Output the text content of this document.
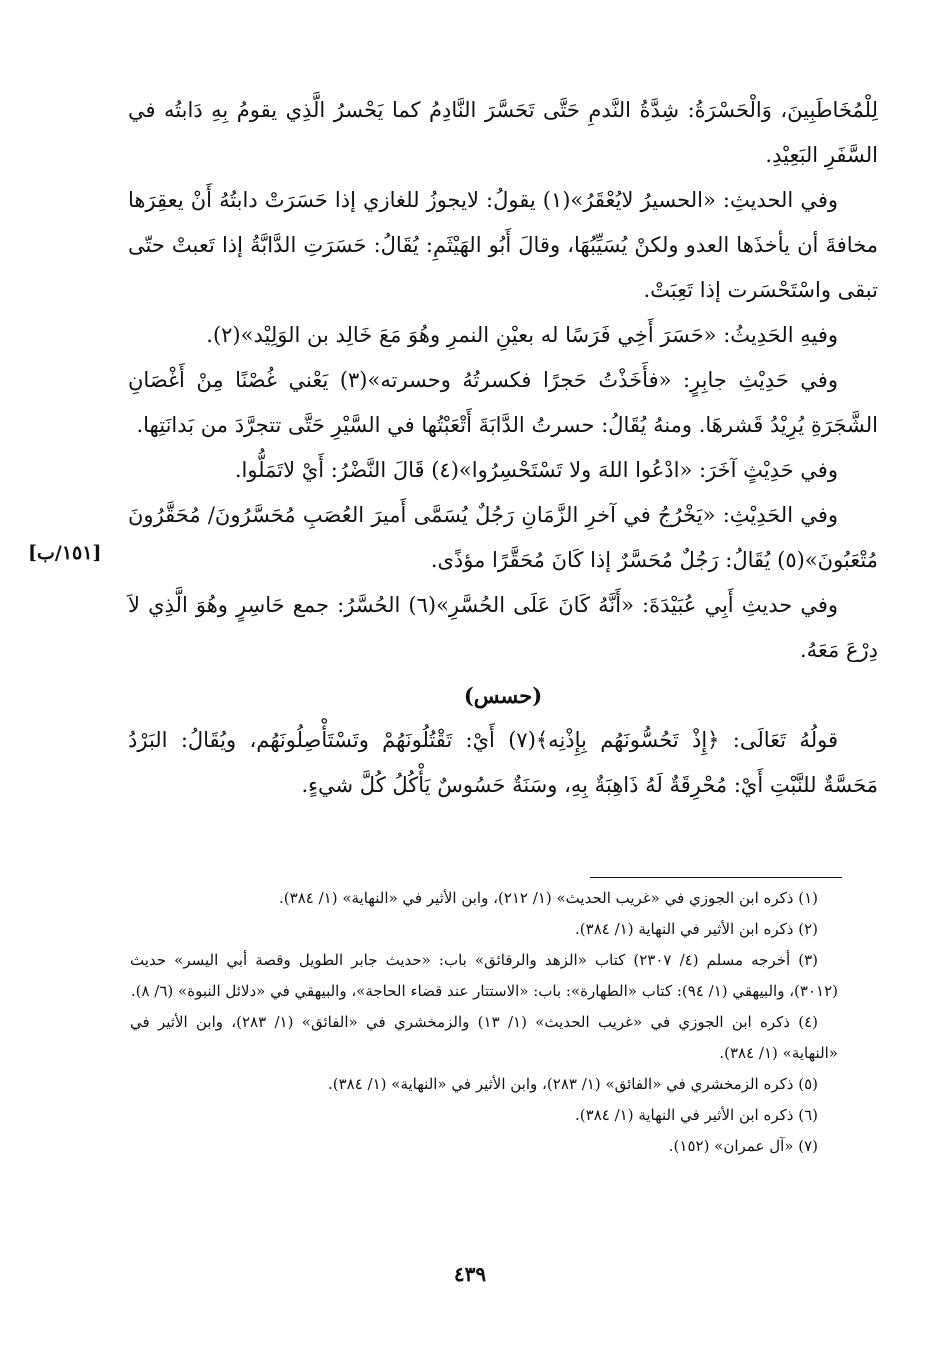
لِلْمُخَاطَبِينَ، وَالْحَسْرَةُ: شِدَّةُ النَّدمِ حَتَّى تَحَسَّرَ النَّادِمُ كما يَحْسرُ الَّذِي يقومُ بِهِ دَابتُه في السَّفَرِ البَعِيْدِ.

وفي الحديثِ: «الحسيرُ لايُعْقَرُ»(١) يقولُ: لايجوزُ للغازي إذا حَسَرَتْ دابتُهُ أَنْ يعقِرَها مخافةَ أن يأخذَها العدو ولكنْ يُسَيِّبُهَا، وقالَ أَبُو الهَيْثَمِ: يُقَالُ: حَسَرَتِ الدَّابَّةُ إذا تَعبتْ حتّى تبقى واسْتَحْسَرت إذا تَعِبَتْ.

وفيهِ الحَدِيثُ: «حَسَرَ أَخِي فَرَسًا له بعيْنِ النمرِ وهُوَ مَعَ خَالِد بن الوَلِيْد»(٢).

وفي حَدِيْثِ جابِرٍ: «فأَخَذْتُ حَجرًا فكسرتُهُ وحسرته»(٣) يَعْني غُصْنًا مِنْ أَغْصَانِ الشَّجَرَةِ يُرِيْدُ قَشرهَا. ومنهُ يُقَالُ: حسرتُ الدَّابَةَ أَتْعَبْتُها في السَّيْرِ حَتَّى تتجرَّدَ من بَدانَتِها.

وفي حَدِيْثٍ آخَرَ: «ادْعُوا اللهَ ولا تَسْتَحْسِرُوا»(٤) قَالَ النَّضْرُ: أَيْ لاتَمَلُّوا.

وفي الحَدِيْثِ: «يَخْرُجُ في آخرِ الزَّمَانِ رَجُلٌ يُسَمَّى أَميرَ العُصَبِ مُحَسَّرُونَ/ مُحَقَّرُونَ مُتْعَبُونَ»(٥) يُقَالُ: رَجُلٌ مُحَسَّرٌ إذا كَانَ مُحَقَّرًا مؤذًى.

وفي حديثِ أَبِي عُبَيْدَةَ: «أَنَّهُ كَانَ عَلَى الحُسَّرِ»(٦) الحُسَّرُ: جمع حَاسِرٍ وهُوَ الَّذِي لاَ دِرْعَ مَعَهُ.

(حسس)

قولُهُ تَعَالَى: ﴿إِذْ تَحُسُّونَهُم بِإِذْنِه﴾(٧) أَيْ: تَقْتُلُونَهُمْ وتَسْتَأْصِلُونَهُم، ويُقَالُ: البَرْدُ مَحَسَّةٌ للنَّبْتِ أَيْ: مُحْرِقَةٌ لَهُ ذَاهِبَةٌ بِهِ، وسَنَةٌ حَسُوسٌ يَأْكُلُ كُلَّ شيءٍ.

[١٥١/ب]

(١) ذكره ابن الجوزي في «غريب الحديث» (١/ ٢١٢)، وابن الأثير في «النهاية» (١/ ٣٨٤).

(٢) ذكره ابن الأثير في النهاية (١/ ٣٨٤).

(٣) أخرجه مسلم (٤/ ٢٣٠٧) كتاب «الزهد والرقائق» باب: «حديث جابر الطويل وقصة أبي اليسر» حديث (٣٠١٢)، والبيهقي (١/ ٩٤): كتاب «الطهارة»: باب: «الاستتار عند قضاء الحاجة»، والبيهقي في «دلائل النبوة» (٦/ ٨).

(٤) ذكره ابن الجوزي في «غريب الحديث» (١/ ١٣) والزمخشري في «الفائق» (١/ ٢٨٣)، وابن الأثير في «النهاية» (١/ ٣٨٤).

(٥) ذكره الزمخشري في «الفائق» (١/ ٢٨٣)، وابن الأثير في «النهاية» (١/ ٣٨٤).

(٦) ذكره ابن الأثير في النهاية (١/ ٣٨٤).

(٧) «آل عمران» (١٥٢).

٤٣٩
